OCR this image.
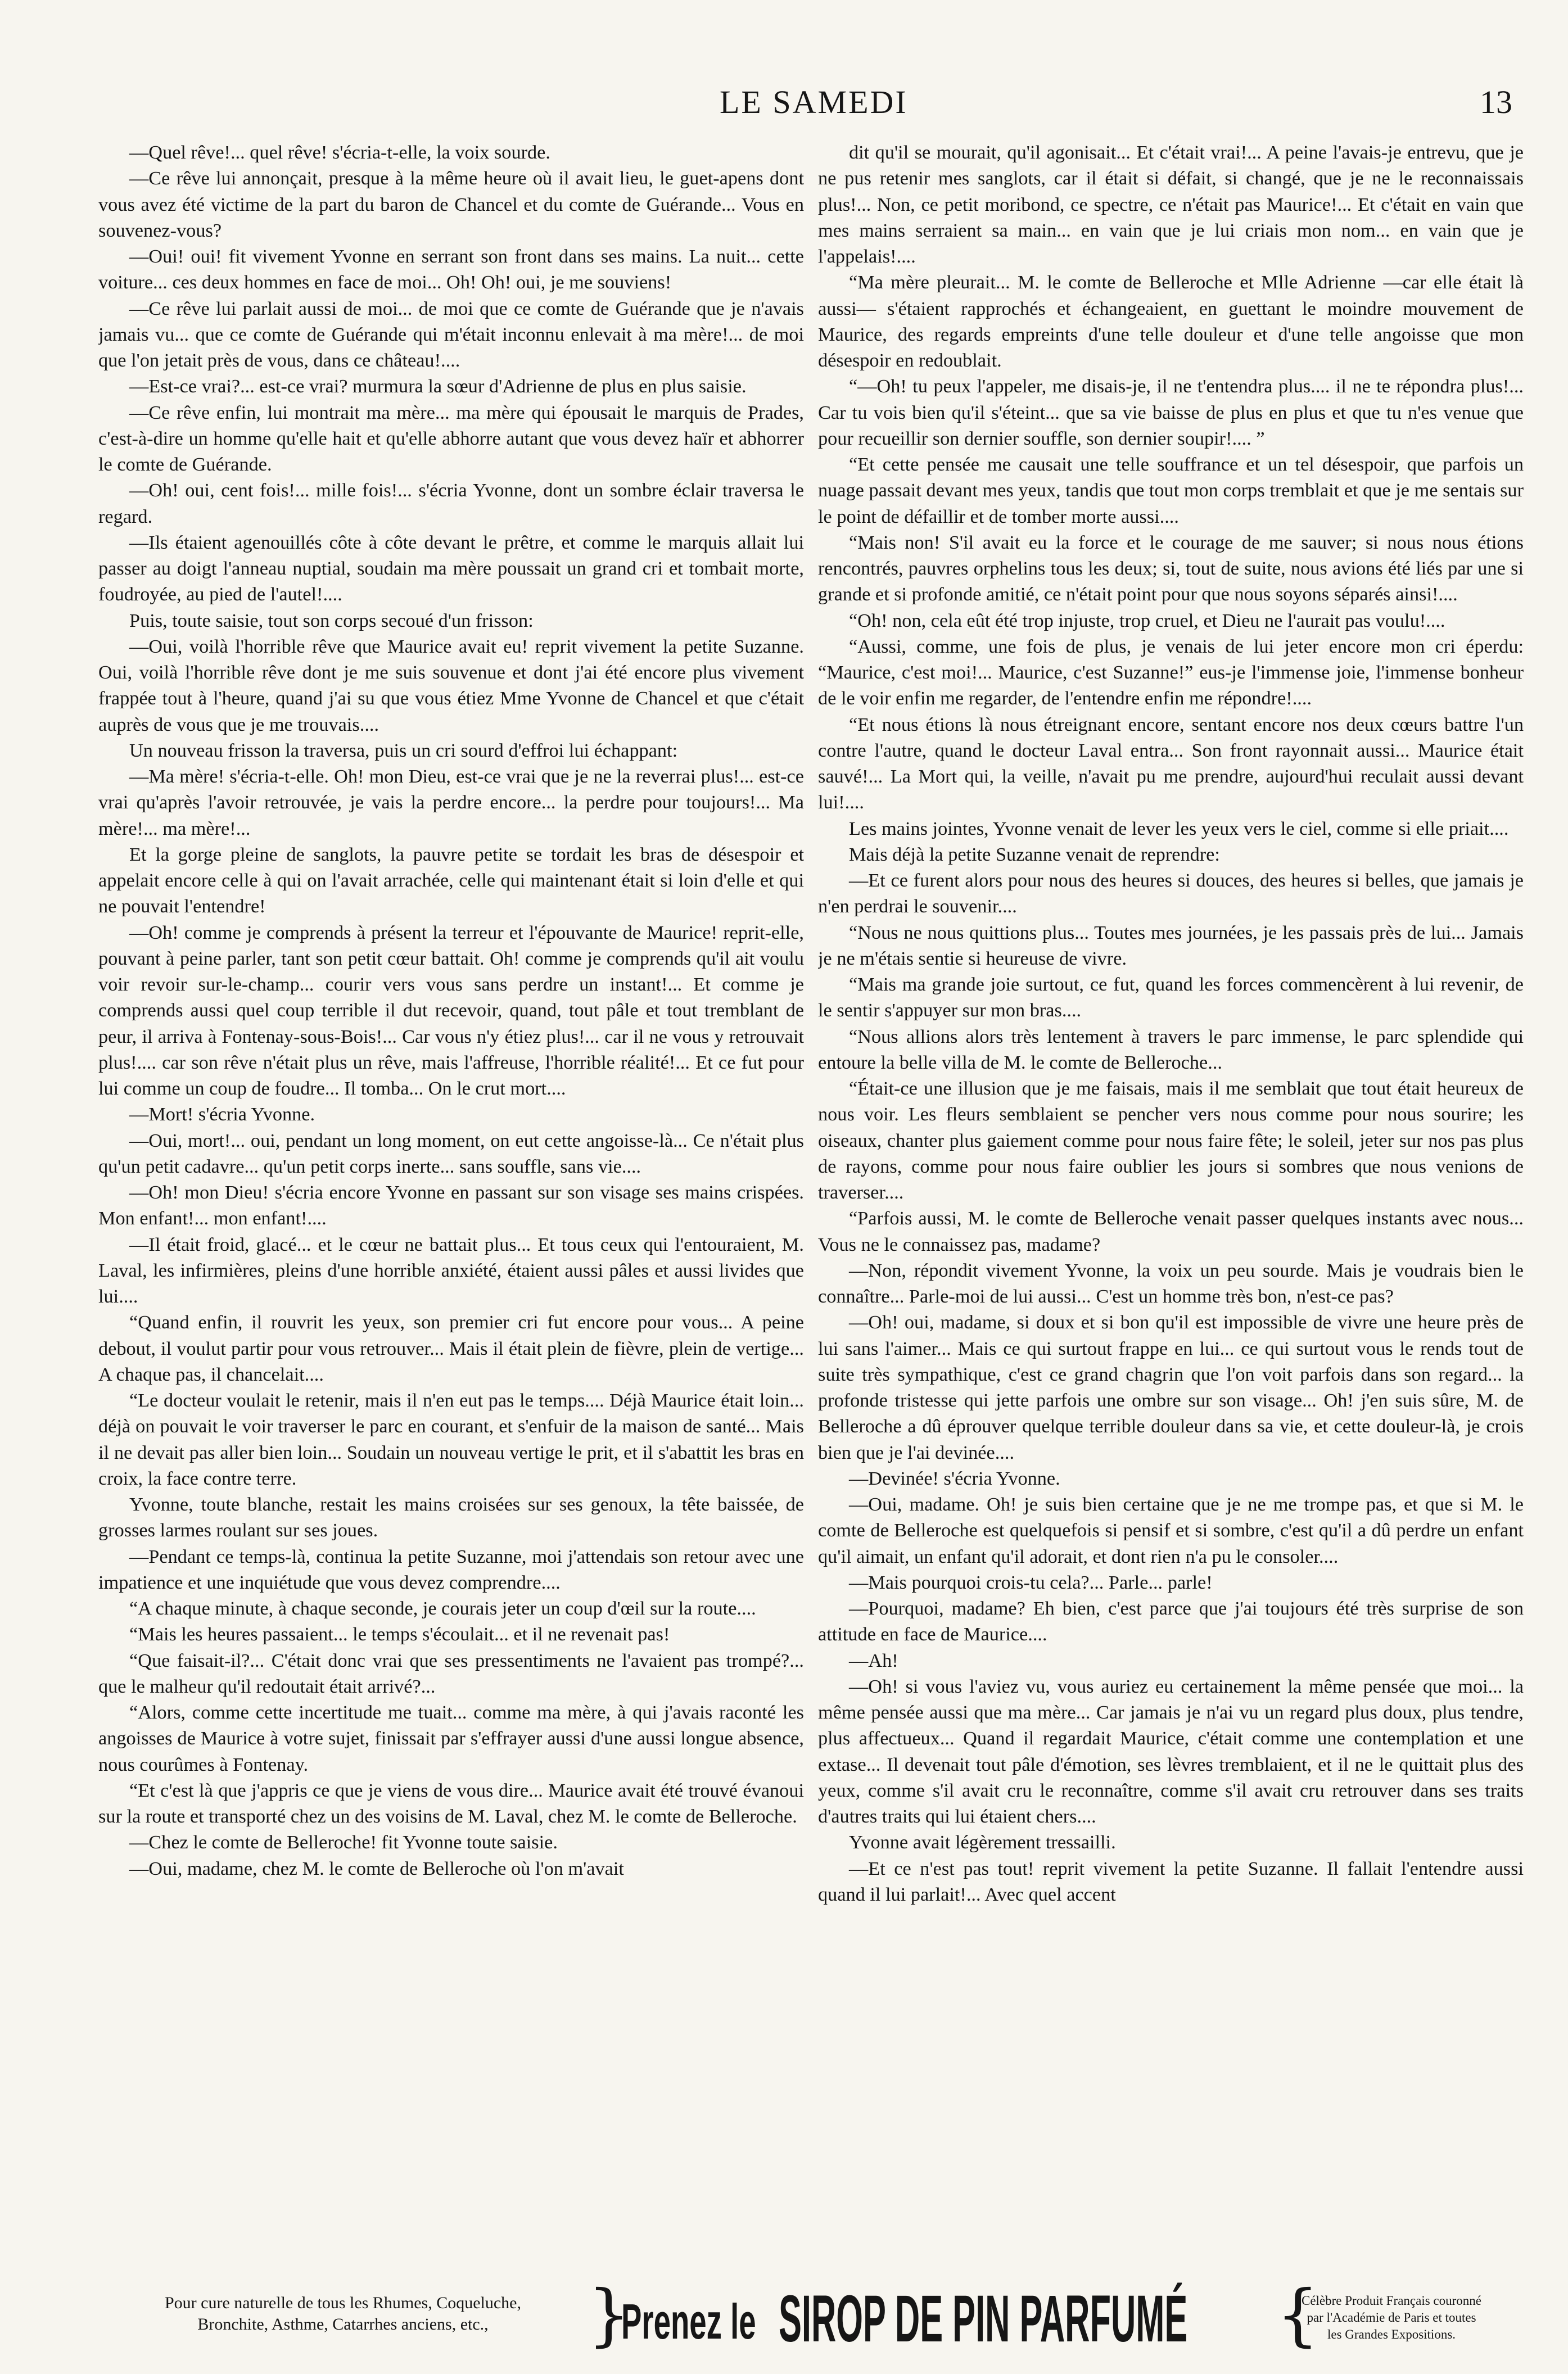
LE SAMEDI	13

—Quel rêve!... quel rêve! s'écria-t-elle, la voix sourde.

—Ce rêve lui annonçait, presque à la même heure où il avait lieu, le guet-apens dont vous avez été victime de la part du baron de Chancel et du comte de Guérande... Vous en souvenez-vous?

—Oui! oui! fit vivement Yvonne en serrant son front dans ses mains. La nuit... cette voiture... ces deux hommes en face de moi... Oh! Oh! oui, je me souviens!

—Ce rêve lui parlait aussi de moi... de moi que ce comte de Guérande que je n'avais jamais vu... que ce comte de Guérande qui m'était inconnu enlevait à ma mère!... de moi que l'on jetait près de vous, dans ce château!....

—Est-ce vrai?... est-ce vrai? murmura la sœur d'Adrienne de plus en plus saisie.

—Ce rêve enfin, lui montrait ma mère... ma mère qui épousait le marquis de Prades, c'est-à-dire un homme qu'elle hait et qu'elle abhorre autant que vous devez haïr et abhorrer le comte de Guérande.

—Oh! oui, cent fois!... mille fois!... s'écria Yvonne, dont un sombre éclair traversa le regard.

—Ils étaient agenouillés côte à côte devant le prêtre, et comme le marquis allait lui passer au doigt l'anneau nuptial, soudain ma mère poussait un grand cri et tombait morte, foudroyée, au pied de l'autel!....

Puis, toute saisie, tout son corps secoué d'un frisson:

—Oui, voilà l'horrible rêve que Maurice avait eu! reprit vivement la petite Suzanne. Oui, voilà l'horrible rêve dont je me suis souvenue et dont j'ai été encore plus vivement frappée tout à l'heure, quand j'ai su que vous étiez Mme Yvonne de Chancel et que c'était auprès de vous que je me trouvais....

Un nouveau frisson la traversa, puis un cri sourd d'effroi lui échappant:

—Ma mère! s'écria-t-elle. Oh! mon Dieu, est-ce vrai que je ne la reverrai plus!... est-ce vrai qu'après l'avoir retrouvée, je vais la perdre encore... la perdre pour toujours!... Ma mère!... ma mère!...

Et la gorge pleine de sanglots, la pauvre petite se tordait les bras de désespoir et appelait encore celle à qui on l'avait arrachée, celle qui maintenant était si loin d'elle et qui ne pouvait l'entendre!

—Oh! comme je comprends à présent la terreur et l'épouvante de Maurice! reprit-elle, pouvant à peine parler, tant son petit cœur battait. Oh! comme je comprends qu'il ait voulu voir revoir sur-le-champ... courir vers vous sans perdre un instant!... Et comme je comprends aussi quel coup terrible il dut recevoir, quand, tout pâle et tout tremblant de peur, il arriva à Fontenay-sous-Bois!... Car vous n'y étiez plus!... car il ne vous y retrouvait plus!.... car son rêve n'était plus un rêve, mais l'affreuse, l'horrible réalité!... Et ce fut pour lui comme un coup de foudre... Il tomba... On le crut mort....

—Mort! s'écria Yvonne.

—Oui, mort!... oui, pendant un long moment, on eut cette angoisse-là... Ce n'était plus qu'un petit cadavre... qu'un petit corps inerte... sans souffle, sans vie....

—Oh! mon Dieu! s'écria encore Yvonne en passant sur son visage ses mains crispées. Mon enfant!... mon enfant!....

—Il était froid, glacé... et le cœur ne battait plus... Et tous ceux qui l'entouraient, M. Laval, les infirmières, pleins d'une horrible anxiété, étaient aussi pâles et aussi livides que lui....

“Quand enfin, il rouvrit les yeux, son premier cri fut encore pour vous... A peine debout, il voulut partir pour vous retrouver... Mais il était plein de fièvre, plein de vertige... A chaque pas, il chancelait....

“Le docteur voulait le retenir, mais il n'en eut pas le temps.... Déjà Maurice était loin... déjà on pouvait le voir traverser le parc en courant, et s'enfuir de la maison de santé... Mais il ne devait pas aller bien loin... Soudain un nouveau vertige le prit, et il s'abattit les bras en croix, la face contre terre.

Yvonne, toute blanche, restait les mains croisées sur ses genoux, la tête baissée, de grosses larmes roulant sur ses joues.

—Pendant ce temps-là, continua la petite Suzanne, moi j'attendais son retour avec une impatience et une inquiétude que vous devez comprendre....

“A chaque minute, à chaque seconde, je courais jeter un coup d'œil sur la route....

“Mais les heures passaient... le temps s'écoulait... et il ne revenait pas!

“Que faisait-il?... C'était donc vrai que ses pressentiments ne l'avaient pas trompé?... que le malheur qu'il redoutait était arrivé?...

“Alors, comme cette incertitude me tuait... comme ma mère, à qui j'avais raconté les angoisses de Maurice à votre sujet, finissait par s'effrayer aussi d'une aussi longue absence, nous courûmes à Fontenay.

“Et c'est là que j'appris ce que je viens de vous dire... Maurice avait été trouvé évanoui sur la route et transporté chez un des voisins de M. Laval, chez M. le comte de Belleroche.

—Chez le comte de Belleroche! fit Yvonne toute saisie.

—Oui, madame, chez M. le comte de Belleroche où l'on m'avait

dit qu'il se mourait, qu'il agonisait... Et c'était vrai!... A peine l'avais-je entrevu, que je ne pus retenir mes sanglots, car il était si défait, si changé, que je ne le reconnaissais plus!... Non, ce petit moribond, ce spectre, ce n'était pas Maurice!... Et c'était en vain que mes mains serraient sa main... en vain que je lui criais mon nom... en vain que je l'appelais!....

“Ma mère pleurait... M. le comte de Belleroche et Mlle Adrienne —car elle était là aussi— s'étaient rapprochés et échangeaient, en guettant le moindre mouvement de Maurice, des regards empreints d'une telle douleur et d'une telle angoisse que mon désespoir en redoublait.

“—Oh! tu peux l'appeler, me disais-je, il ne t'entendra plus.... il ne te répondra plus!... Car tu vois bien qu'il s'éteint... que sa vie baisse de plus en plus et que tu n'es venue que pour recueillir son dernier souffle, son dernier soupir!.... ”

“Et cette pensée me causait une telle souffrance et un tel désespoir, que parfois un nuage passait devant mes yeux, tandis que tout mon corps tremblait et que je me sentais sur le point de défaillir et de tomber morte aussi....

“Mais non! S'il avait eu la force et le courage de me sauver; si nous nous étions rencontrés, pauvres orphelins tous les deux; si, tout de suite, nous avions été liés par une si grande et si profonde amitié, ce n'était point pour que nous soyons séparés ainsi!....

“Oh! non, cela eût été trop injuste, trop cruel, et Dieu ne l'aurait pas voulu!....

“Aussi, comme, une fois de plus, je venais de lui jeter encore mon cri éperdu: “Maurice, c'est moi!... Maurice, c'est Suzanne!” eus-je l'immense joie, l'immense bonheur de le voir enfin me regarder, de l'entendre enfin me répondre!....

“Et nous étions là nous étreignant encore, sentant encore nos deux cœurs battre l'un contre l'autre, quand le docteur Laval entra... Son front rayonnait aussi... Maurice était sauvé!... La Mort qui, la veille, n'avait pu me prendre, aujourd'hui reculait aussi devant lui!....

Les mains jointes, Yvonne venait de lever les yeux vers le ciel, comme si elle priait....

Mais déjà la petite Suzanne venait de reprendre:

—Et ce furent alors pour nous des heures si douces, des heures si belles, que jamais je n'en perdrai le souvenir....

“Nous ne nous quittions plus... Toutes mes journées, je les passais près de lui... Jamais je ne m'étais sentie si heureuse de vivre.

“Mais ma grande joie surtout, ce fut, quand les forces commencèrent à lui revenir, de le sentir s'appuyer sur mon bras....

“Nous allions alors très lentement à travers le parc immense, le parc splendide qui entoure la belle villa de M. le comte de Belleroche...

“Était-ce une illusion que je me faisais, mais il me semblait que tout était heureux de nous voir. Les fleurs semblaient se pencher vers nous comme pour nous sourire; les oiseaux, chanter plus gaiement comme pour nous faire fête; le soleil, jeter sur nos pas plus de rayons, comme pour nous faire oublier les jours si sombres que nous venions de traverser....

“Parfois aussi, M. le comte de Belleroche venait passer quelques instants avec nous... Vous ne le connaissez pas, madame?

—Non, répondit vivement Yvonne, la voix un peu sourde. Mais je voudrais bien le connaître... Parle-moi de lui aussi... C'est un homme très bon, n'est-ce pas?

—Oh! oui, madame, si doux et si bon qu'il est impossible de vivre une heure près de lui sans l'aimer... Mais ce qui surtout frappe en lui... ce qui surtout vous le rends tout de suite très sympathique, c'est ce grand chagrin que l'on voit parfois dans son regard... la profonde tristesse qui jette parfois une ombre sur son visage... Oh! j'en suis sûre, M. de Belleroche a dû éprouver quelque terrible douleur dans sa vie, et cette douleur-là, je crois bien que je l'ai devinée....

—Devinée! s'écria Yvonne.

—Oui, madame. Oh! je suis bien certaine que je ne me trompe pas, et que si M. le comte de Belleroche est quelquefois si pensif et si sombre, c'est qu'il a dû perdre un enfant qu'il aimait, un enfant qu'il adorait, et dont rien n'a pu le consoler....

—Mais pourquoi crois-tu cela?... Parle... parle!

—Pourquoi, madame? Eh bien, c'est parce que j'ai toujours été très surprise de son attitude en face de Maurice....

—Ah!

—Oh! si vous l'aviez vu, vous auriez eu certainement la même pensée que moi... la même pensée aussi que ma mère... Car jamais je n'ai vu un regard plus doux, plus tendre, plus affectueux... Quand il regardait Maurice, c'était comme une contemplation et une extase... Il devenait tout pâle d'émotion, ses lèvres tremblaient, et il ne le quittait plus des yeux, comme s'il avait cru le reconnaître, comme s'il avait cru retrouver dans ses traits d'autres traits qui lui étaient chers....

Yvonne avait légèrement tressailli.

—Et ce n'est pas tout! reprit vivement la petite Suzanne. Il fallait l'entendre aussi quand il lui parlait!... Avec quel accent

Pour cure naturelle de tous les Rhumes, Coqueluche,
Bronchite, Asthme, Catarrhes anciens, etc.,	}
Prenez le SIROP DE PIN PARFUMÉ {
Célèbre Produit Français couronné
par l'Académie de Paris et toutes
les Grandes Expositions.
